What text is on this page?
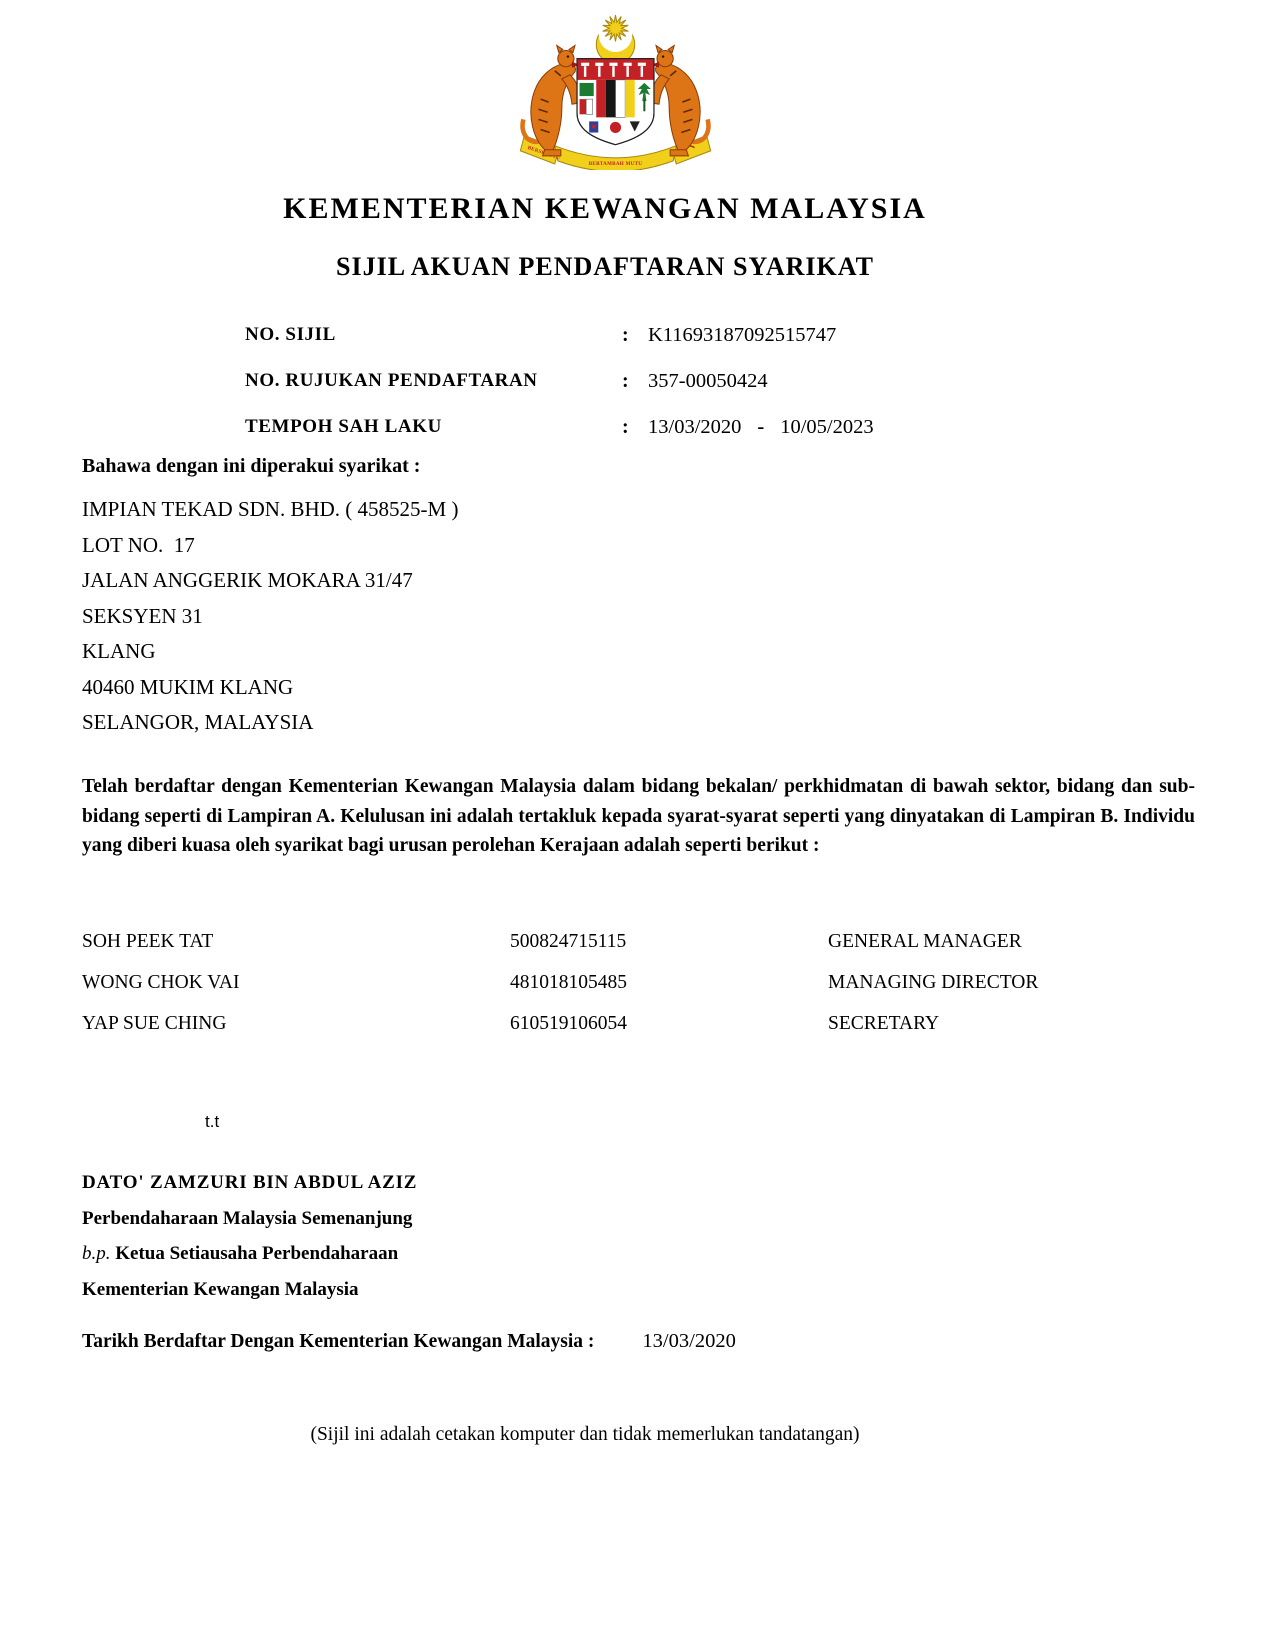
BERTAMBAH MUTU
KEMENTERIAN KEWANGAN MALAYSIA
SIJIL AKUAN PENDAFTARAN SYARIKAT
NO. SIJIL	: K11693187092515747
NO. RUJUKAN PENDAFTARAN	: 357-00050424
TEMPOH SAH LAKU	: 13/03/2020 - 10/05/2023
Bahawa dengan ini diperakui syarikat :

IMPIAN TEKAD SDN. BHD. ( 458525-M )

LOT NO.  17

JALAN ANGGERIK MOKARA 31/47

SEKSYEN 31

KLANG

40460 MUKIM KLANG

SELANGOR, MALAYSIA

Telah berdaftar dengan Kementerian Kewangan Malaysia dalam bidang bekalan/ perkhidmatan di bawah sektor, bidang dan sub-bidang seperti di Lampiran A. Kelulusan ini adalah tertakluk kepada syarat-syarat seperti yang dinyatakan di Lampiran B. Individu yang diberi kuasa oleh syarikat bagi urusan perolehan Kerajaan adalah seperti berikut :
SOH PEEK TAT	500824715115	GENERAL MANAGER
WONG CHOK VAI	481018105485	MANAGING DIRECTOR
YAP SUE CHING	610519106054	SECRETARY
t.t

DATO' ZAMZURI BIN ABDUL AZIZ

Perbendaharaan Malaysia Semenanjung

b.p. Ketua Setiausaha Perbendaharaan

Kementerian Kewangan Malaysia

Tarikh Berdaftar Dengan Kementerian Kewangan Malaysia : 13/03/2020
(Sijil ini adalah cetakan komputer dan tidak memerlukan tandatangan)
